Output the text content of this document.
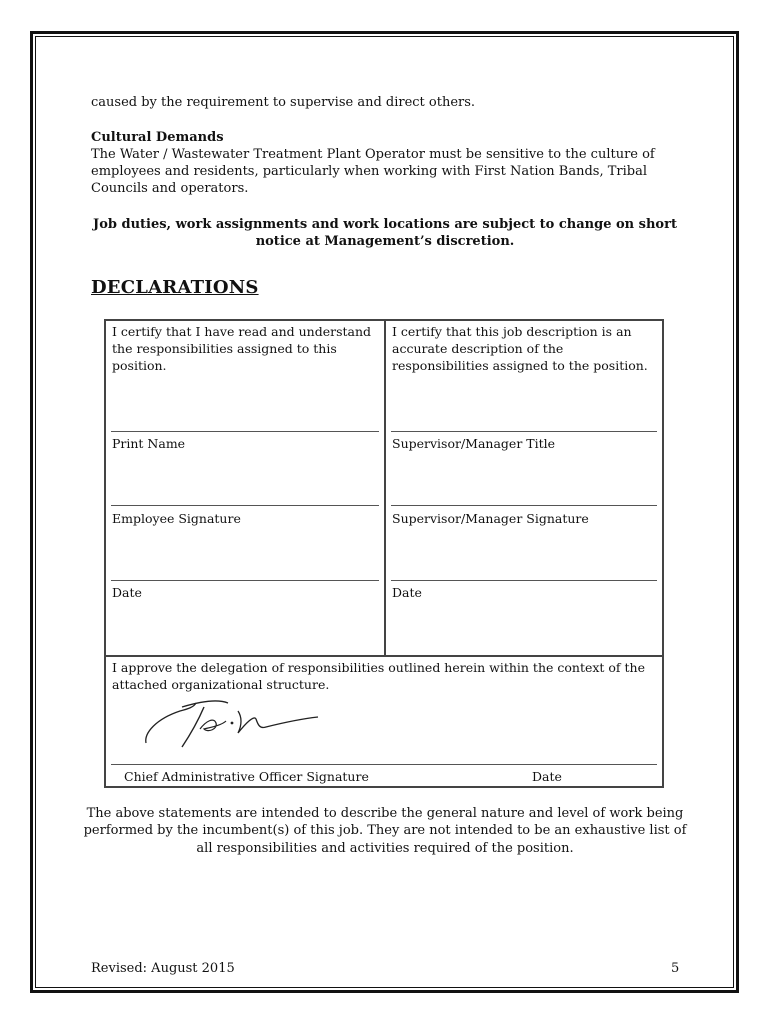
caused by the requirement to supervise and direct others.
Cultural Demands
The Water / Wastewater Treatment Plant Operator must be sensitive to the culture of
employees and residents, particularly when working with First Nation Bands, Tribal
Councils and operators.
Job duties, work assignments and work locations are subject to change on short
notice at Management’s discretion.
DECLARATIONS
I certify that I have read and understand
the responsibilities assigned to this
position.
Print Name
Employee Signature
Date

I certify that this job description is an
accurate description of the
responsibilities assigned to the position.
Supervisor/Manager Title
Supervisor/Manager Signature
Date

I approve the delegation of responsibilities outlined herein within the context of the
attached organizational structure.
Chief Administrative Officer Signature	Date
The above statements are intended to describe the general nature and level of work being
performed by the incumbent(s) of this job. They are not intended to be an exhaustive list of
all responsibilities and activities required of the position.
Revised: August 2015	5
